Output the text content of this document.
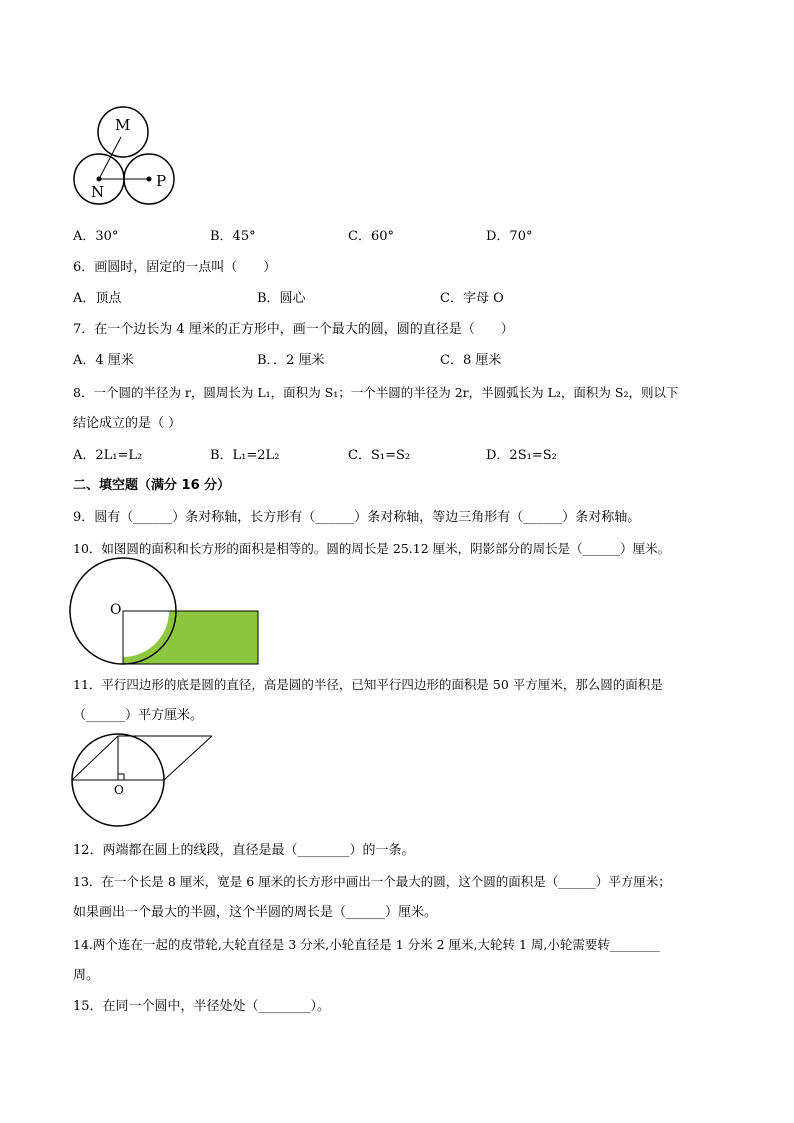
M
N
P
A．30°	B．45°	C．60°	D．70°
6．画圆时，固定的一点叫（　　）
A．顶点	B．圆心	C．字母 O
7．在一个边长为 4 厘米的正方形中，画一个最大的圆，圆的直径是（　　）
A．4 厘米	B．．2 厘米	C．8 厘米
8．一个圆的半径为 r，圆周长为 L₁，面积为 S₁；一个半圆的半径为 2r，半圆弧长为 L₂，面积为 S₂，则以下
结论成立的是（ ）
A．2L₁=L₂	B．L₁=2L₂	C．S₁=S₂	D．2S₁=S₂
二、填空题（满分 16 分）
9．圆有（______）条对称轴，长方形有（______）条对称轴，等边三角形有（______）条对称轴。
10．如图圆的面积和长方形的面积是相等的。圆的周长是 25.12 厘米，阴影部分的周长是（______）厘米。
O
11．平行四边形的底是圆的直径，高是圆的半径，已知平行四边形的面积是 50 平方厘米，那么圆的面积是
（______）平方厘米。
O
12．两端都在圆上的线段，直径是最（________）的一条。
13．在一个长是 8 厘米，宽是 6 厘米的长方形中画出一个最大的圆，这个圆的面积是（______）平方厘米；
如果画出一个最大的半圆，这个半圆的周长是（______）厘米。
14.两个连在一起的皮带轮,大轮直径是 3 分米,小轮直径是 1 分米 2 厘米,大轮转 1 周,小轮需要转________
周。
15．在同一个圆中，半径处处（________）。
